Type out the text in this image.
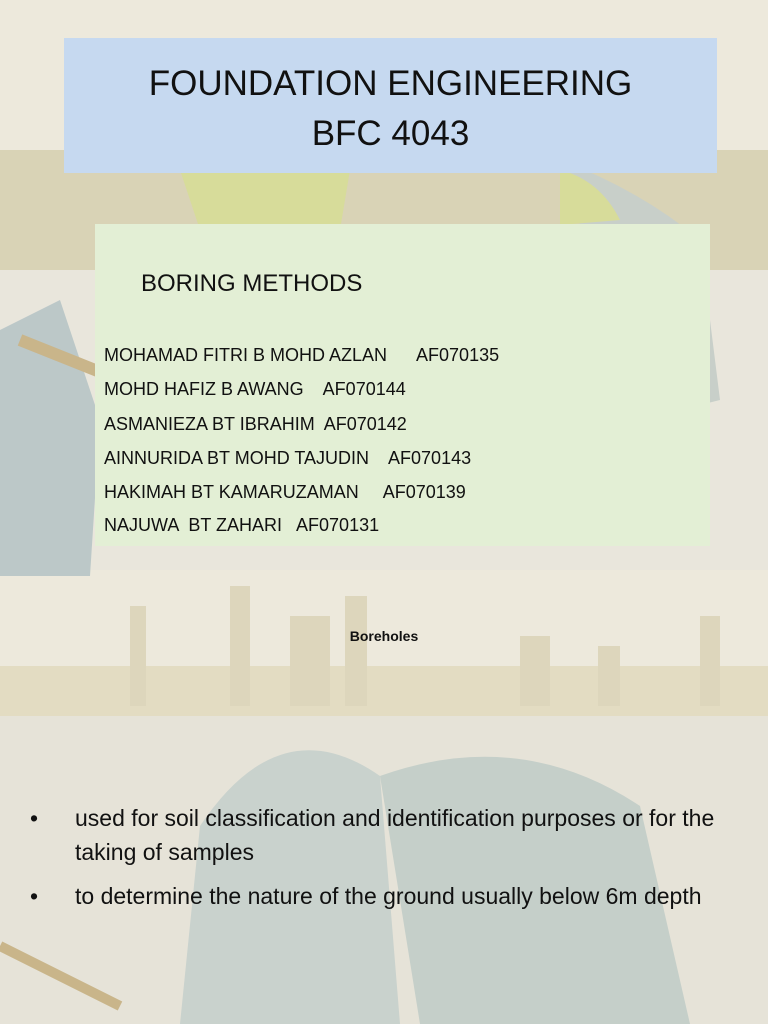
FOUNDATION ENGINEERING
BFC 4043
BORING METHODS
MOHAMAD FITRI B MOHD AZLAN      AF070135
MOHD HAFIZ B AWANG    AF070144
ASMANIEZA BT IBRAHIM  AF070142
AINNURIDA BT MOHD TAJUDIN    AF070143
HAKIMAH BT KAMARUZAMAN     AF070139
NAJUWA  BT ZAHARI   AF070131
Boreholes
• used for soil classification and identification purposes or for the taking of samples
• to determine the nature of the ground usually below 6m depth
